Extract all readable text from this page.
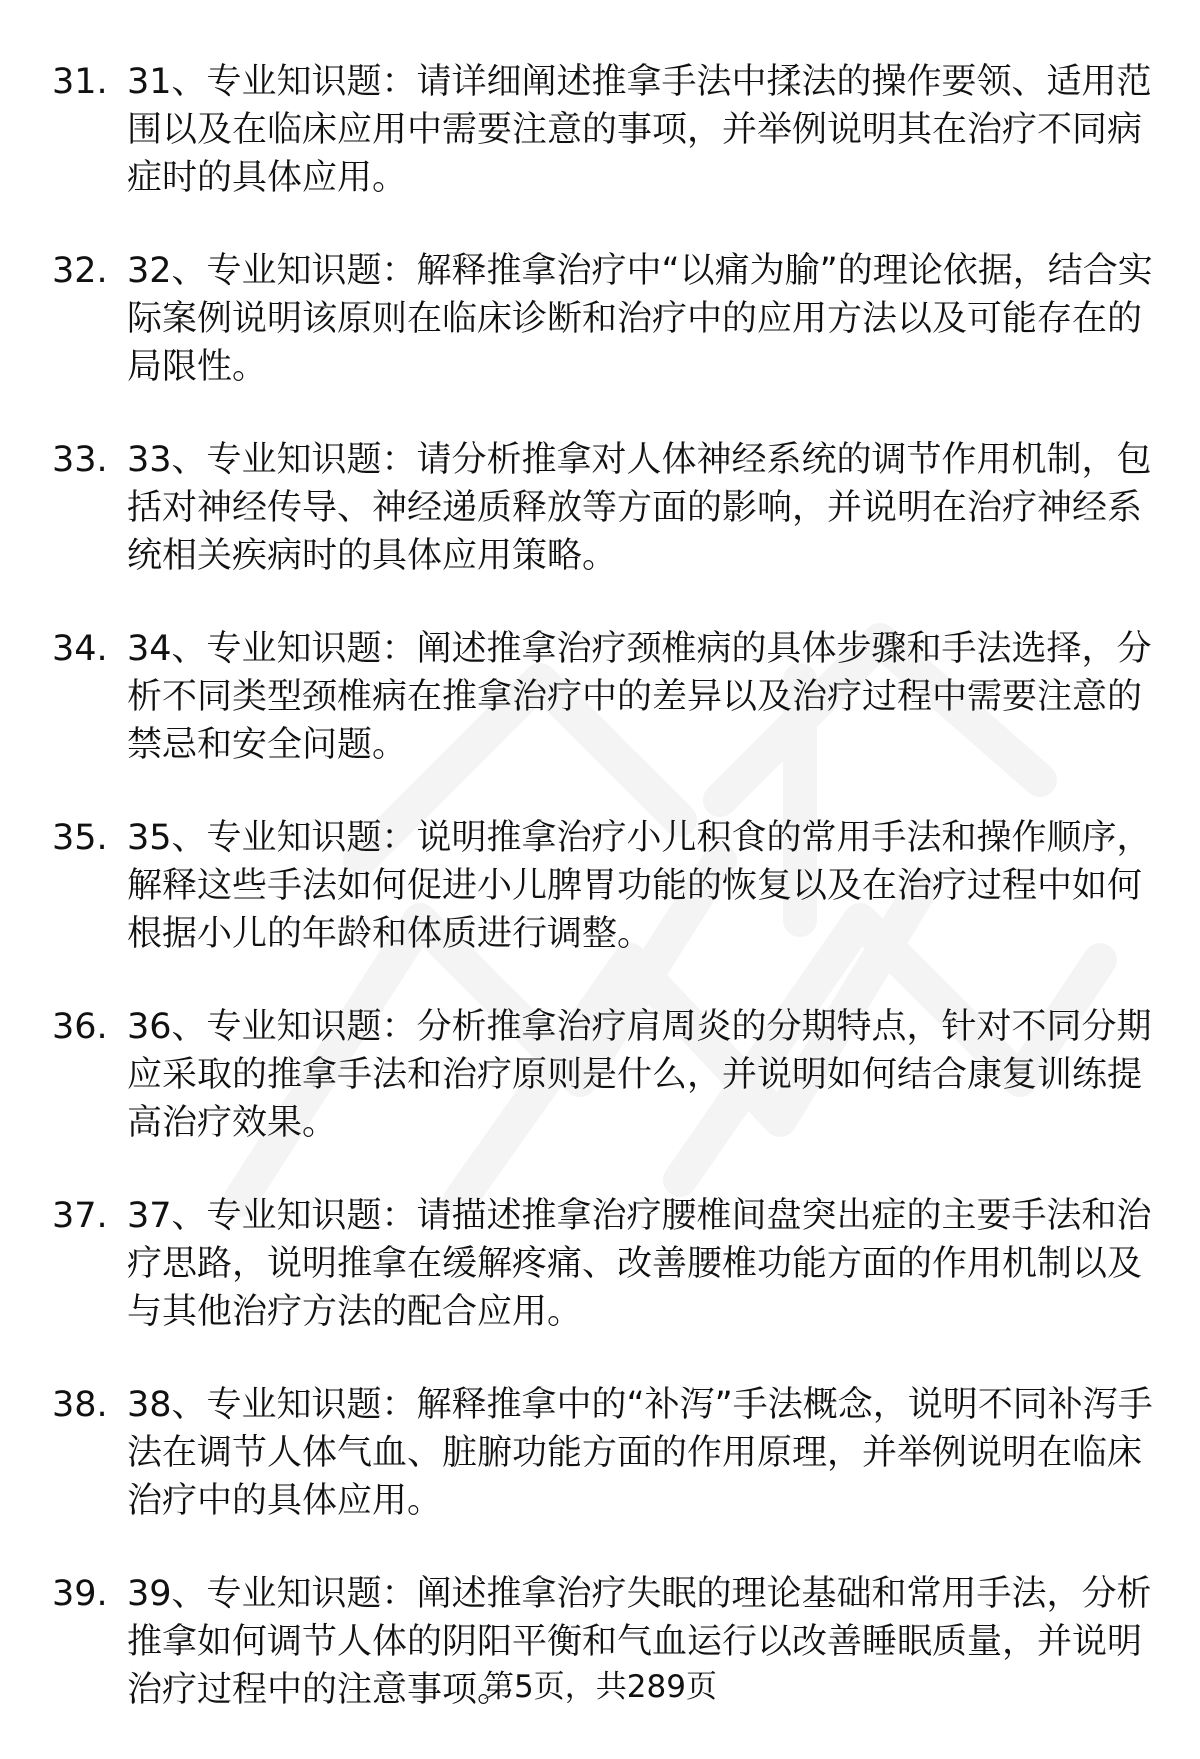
31. 31、专业知识题：请详细阐述推拿手法中揉法的操作要领、适用范围以及在临床应用中需要注意的事项，并举例说明其在治疗不同病症时的具体应用。
32. 32、专业知识题：解释推拿治疗中“以痛为腧”的理论依据，结合实际案例说明该原则在临床诊断和治疗中的应用方法以及可能存在的局限性。
33. 33、专业知识题：请分析推拿对人体神经系统的调节作用机制，包括对神经传导、神经递质释放等方面的影响，并说明在治疗神经系统相关疾病时的具体应用策略。
34. 34、专业知识题：阐述推拿治疗颈椎病的具体步骤和手法选择，分析不同类型颈椎病在推拿治疗中的差异以及治疗过程中需要注意的禁忌和安全问题。
35. 35、专业知识题：说明推拿治疗小儿积食的常用手法和操作顺序，解释这些手法如何促进小儿脾胃功能的恢复以及在治疗过程中如何根据小儿的年龄和体质进行调整。
36. 36、专业知识题：分析推拿治疗肩周炎的分期特点，针对不同分期应采取的推拿手法和治疗原则是什么，并说明如何结合康复训练提高治疗效果。
37. 37、专业知识题：请描述推拿治疗腰椎间盘突出症的主要手法和治疗思路，说明推拿在缓解疼痛、改善腰椎功能方面的作用机制以及与其他治疗方法的配合应用。
38. 38、专业知识题：解释推拿中的“补泻”手法概念，说明不同补泻手法在调节人体气血、脏腑功能方面的作用原理，并举例说明在临床治疗中的具体应用。
39. 39、专业知识题：阐述推拿治疗失眠的理论基础和常用手法，分析推拿如何调节人体的阴阳平衡和气血运行以改善睡眠质量，并说明治疗过程中的注意事项。
第5页，共289页
